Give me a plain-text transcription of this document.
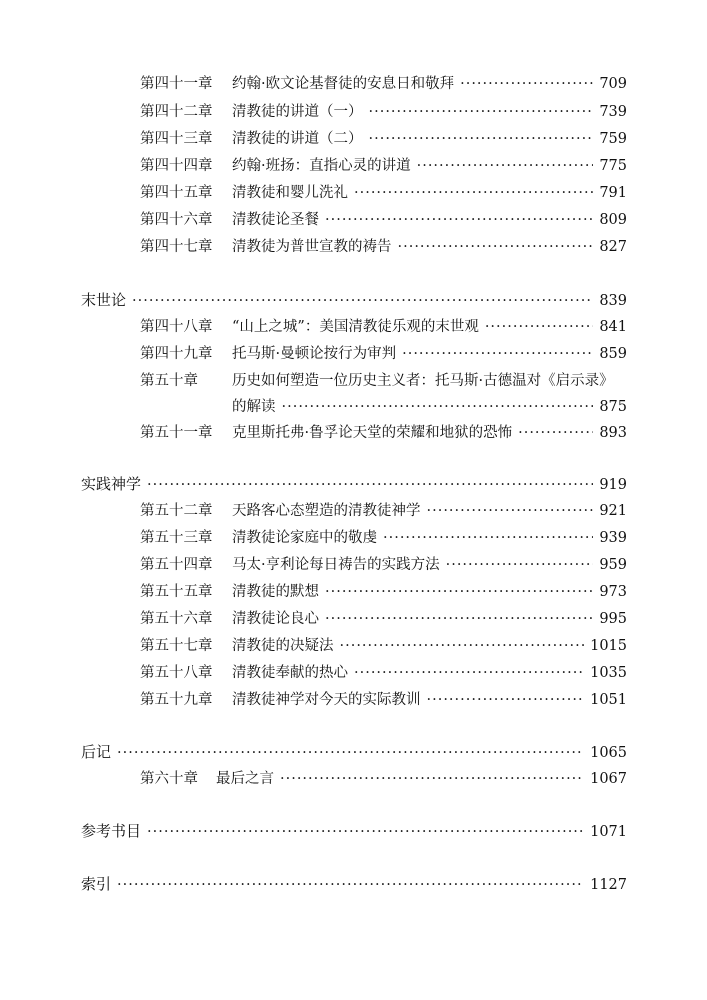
第四十一章	约翰·欧文论基督徒的安息日和敬拜 ·····	709
第四十二章	清教徒的讲道（一） ·····	739
第四十三章	清教徒的讲道（二） ·····	759
第四十四章	约翰·班扬：直指心灵的讲道 ·····	775
第四十五章	清教徒和婴儿洗礼 ·····	791
第四十六章	清教徒论圣餐 ·····	809
第四十七章	清教徒为普世宣教的祷告 ·····	827
末世论 ·····	839
第四十八章	“山上之城”：美国清教徒乐观的末世观 ·····	841
第四十九章	托马斯·曼顿论按行为审判 ·····	859
第五十章	历史如何塑造一位历史主义者：托马斯·古德温对《启示录》
的解读 ·····	875
第五十一章	克里斯托弗·鲁孚论天堂的荣耀和地狱的恐怖 ·····	893
实践神学 ·····	919
第五十二章	天路客心态塑造的清教徒神学 ·····	921
第五十三章	清教徒论家庭中的敬虔 ·····	939
第五十四章	马太·亨利论每日祷告的实践方法 ·····	959
第五十五章	清教徒的默想 ·····	973
第五十六章	清教徒论良心 ·····	995
第五十七章	清教徒的决疑法 ·····	1015
第五十八章	清教徒奉献的热心 ·····	1035
第五十九章	清教徒神学对今天的实际教训 ·····	1051
后记 ·····	1065
第六十章	最后之言 ·····	1067
参考书目 ·····	1071
索引 ·····	1127
